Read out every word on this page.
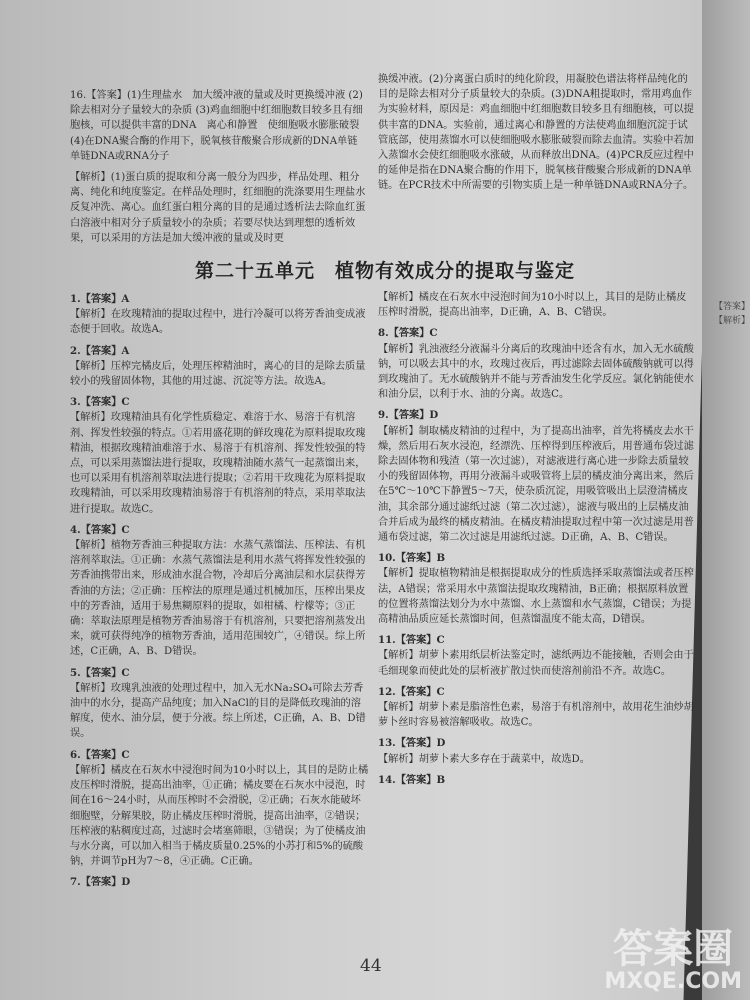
16.【答案】(1)生理盐水　加大缓冲液的量或及时更换缓冲液 (2)除去相对分子量较大的杂质 (3)鸡血细胞中红细胞数目较多且有细胞核，可以提供丰富的DNA　离心和静置　使细胞吸水膨胀破裂 (4)在DNA聚合酶的作用下，脱氧核苷酸聚合形成新的DNA单链　单链DNA或RNA分子
【解析】(1)蛋白质的提取和分离一般分为四步，样品处理、粗分离、纯化和纯度鉴定。在样品处理时，红细胞的洗涤要用生理盐水反复冲洗、离心。血红蛋白粗分离的目的是通过透析法去除血红蛋白溶液中相对分子质量较小的杂质；若要尽快达到理想的透析效果，可以采用的方法是加大缓冲液的量或及时更
换缓冲液。(2)分离蛋白质时的纯化阶段，用凝胶色谱法将样品纯化的目的是除去相对分子质量较大的杂质。(3)DNA粗提取时，常用鸡血作为实验材料，原因是：鸡血细胞中红细胞数目较多且有细胞核，可以提供丰富的DNA。实验前，通过离心和静置的方法使鸡血细胞沉淀于试管底部，使用蒸馏水可以使细胞吸水膨胀破裂而除去血清。实验中若加入蒸馏水会使红细胞吸水涨破，从而释放出DNA。(4)PCR反应过程中的延伸是指在DNA聚合酶的作用下，脱氧核苷酸聚合形成新的DNA单链。在PCR技术中所需要的引物实质上是一种单链DNA或RNA分子。
第二十五单元　植物有效成分的提取与鉴定
1.【答案】A
【解析】在玫瑰精油的提取过程中，进行冷凝可以将芳香油变成液态便于回收。故选A。
2.【答案】A
【解析】压榨完橘皮后，处理压榨精油时，离心的目的是除去质量较小的残留固体物，其他的用过滤、沉淀等方法。故选A。
3.【答案】C
【解析】玫瑰精油具有化学性质稳定、难溶于水、易溶于有机溶剂、挥发性较强的特点。①若用盛花期的鲜玫瑰花为原料提取玫瑰精油，根据玫瑰精油难溶于水、易溶于有机溶剂、挥发性较强的特点，可以采用蒸馏法进行提取，玫瑰精油随水蒸气一起蒸馏出来，也可以采用有机溶剂萃取法进行提取；②若用干玫瑰花为原料提取玫瑰精油，可以采用玫瑰精油易溶于有机溶剂的特点，采用萃取法进行提取。故选C。
4.【答案】C
【解析】植物芳香油三种提取方法：水蒸气蒸馏法、压榨法、有机溶剂萃取法。①正确：水蒸气蒸馏法是利用水蒸气将挥发性较强的芳香油携带出来，形成油水混合物，冷却后分离油层和水层获得芳香油的方法；②正确：压榨法的原理是通过机械加压，压榨出果皮中的芳香油，适用于易焦糊原料的提取，如柑橘、柠檬等；③正确：萃取法原理是植物芳香油易溶于有机溶剂，只要把溶剂蒸发出来，就可获得纯净的植物芳香油，适用范围较广，④错误。综上所述，C正确，A、B、D错误。
5.【答案】C
【解析】玫瑰乳浊液的处理过程中，加入无水Na₂SO₄可除去芳香油中的水分，提高产品纯度；加入NaCl的目的是降低玫瑰油的溶解度，使水、油分层，便于分液。综上所述，C正确，A、B、D错误。
6.【答案】C
【解析】橘皮在石灰水中浸泡时间为10小时以上，其目的是防止橘皮压榨时滑脱，提高出油率，①正确；橘皮要在石灰水中浸泡，时间在16〜24小时，从而压榨时不会滑脱，②正确；石灰水能破坏细胞壁，分解果胶，防止橘皮压榨时滑脱，提高出油率，②错误；压榨液的粘稠度过高，过滤时会堵塞筛眼，③错误；为了使橘皮油与水分离，可以加入相当于橘皮质量0.25%的小苏打和5%的硫酸钠，并调节pH为7〜8，④正确。C正确。
7.【答案】D
【解析】橘皮在石灰水中浸泡时间为10小时以上，其目的是防止橘皮压榨时滑脱，提高出油率，D正确，A、B、C错误。
8.【答案】C
【解析】乳浊液经分液漏斗分离后的玫瑰油中还含有水，加入无水硫酸钠，可以吸去其中的水，玫瑰过夜后，再过滤除去固体硫酸钠就可以得到玫瑰油了。无水硫酸钠并不能与芳香油发生化学反应。氯化钠能使水和油分层，以利于水、油的分离。故选C。
9.【答案】D
【解析】制取橘皮精油的过程中，为了提高出油率，首先将橘皮去水干燥，然后用石灰水浸泡，经漂洗、压榨得到压榨液后，用普通布袋过滤除去固体物和残渣（第一次过滤），对滤液进行离心进一步除去质量较小的残留固体物，再用分液漏斗或吸管将上层的橘皮油分离出来，然后在5℃〜10℃下静置5〜7天，使杂质沉淀，用吸管吸出上层澄清橘皮油，其余部分通过滤纸过滤（第二次过滤），滤液与吸出的上层橘皮油合并后成为最终的橘皮精油。在橘皮精油提取过程中第一次过滤是用普通布袋过滤，第二次过滤是用滤纸过滤。D正确，A、B、C错误。
10.【答案】B
【解析】提取植物精油是根据提取成分的性质选择采取蒸馏法或者压榨法，A错误；常采用水中蒸馏法提取玫瑰精油，B正确；根据原料放置的位置将蒸馏法划分为水中蒸馏、水上蒸馏和水气蒸馏，C错误；为提高精油品质应延长蒸馏时间，但蒸馏温度不能太高，D错误。
11.【答案】C
【解析】胡萝卜素用纸层析法鉴定时，滤纸两边不能接触，否则会由于毛细现象而使此处的层析液扩散过快而使溶剂前沿不齐。故选C。
12.【答案】C
【解析】胡萝卜素是脂溶性色素，易溶于有机溶剂中，故用花生油炒胡萝卜丝时容易被溶解吸收。故选C。
13.【答案】D
【解析】胡萝卜素大多存在于蔬菜中，故选D。
14.【答案】B
44
【答案】【解析】
答案圈
MXQE.COM
